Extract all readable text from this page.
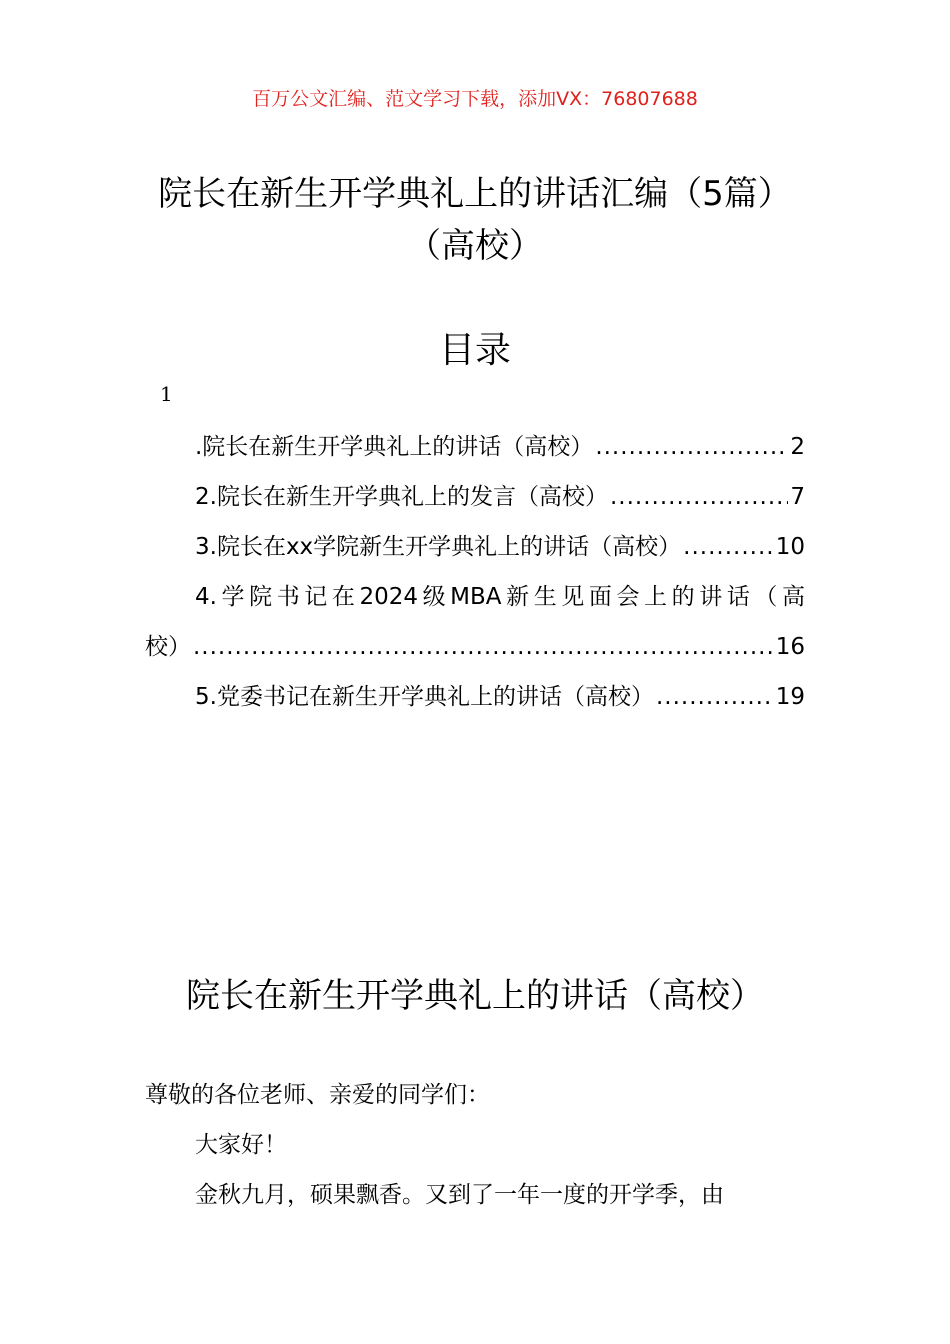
百万公文汇编、范文学习下载，添加VX：76807688
院长在新生开学典礼上的讲话汇编（5篇）
（高校）
目录
1
.院长在新生开学典礼上的讲话（高校） .....	2
2.院长在新生开学典礼上的发言（高校） .....	7
3.院长在xx学院新生开学典礼上的讲话（高校） .....	10
4.学院书记在2024级MBA新生见面会上的讲话（高
校） .....	16
5.党委书记在新生开学典礼上的讲话（高校） .....	19
院长在新生开学典礼上的讲话（高校）

尊敬的各位老师、亲爱的同学们：

大家好！

金秋九月，硕果飘香。又到了一年一度的开学季，由
